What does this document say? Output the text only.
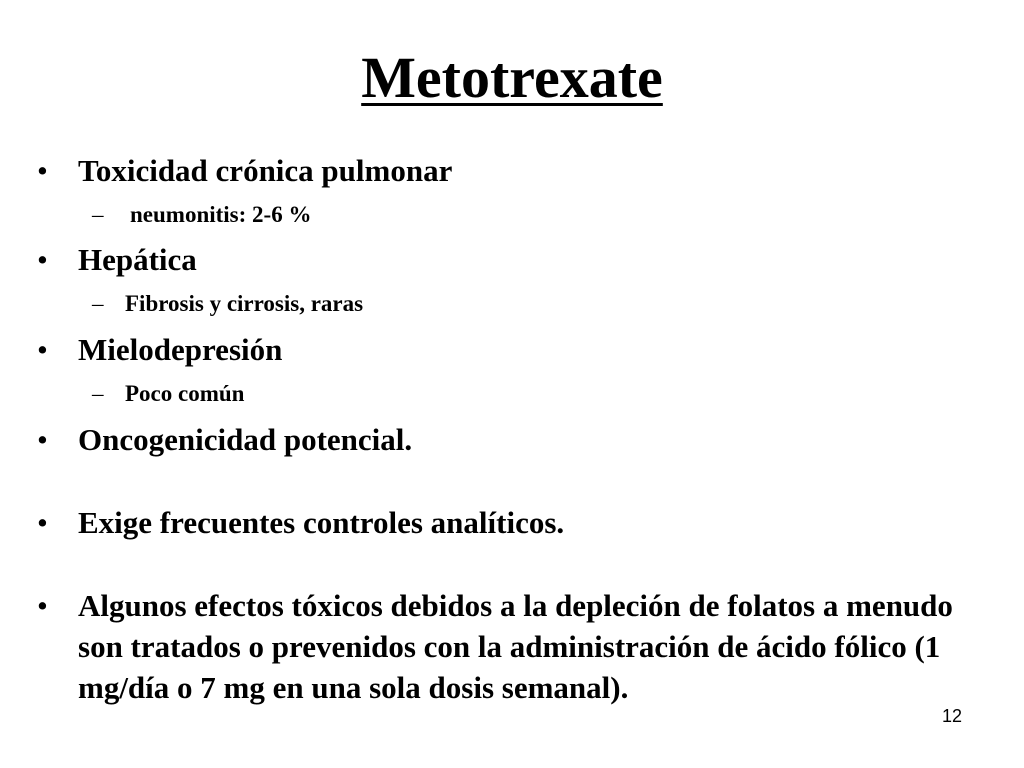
Metotrexate
• Toxicidad crónica pulmonar
– neumonitis: 2-6 %
• Hepática
– Fibrosis y cirrosis, raras
• Mielodepresión
– Poco común
• Oncogenicidad potencial.
• Exige frecuentes controles analíticos.
• Algunos efectos tóxicos debidos a la depleción de folatos a menudo son tratados o prevenidos con la administración de ácido fólico (1 mg/día o 7 mg en una sola dosis semanal).
12
